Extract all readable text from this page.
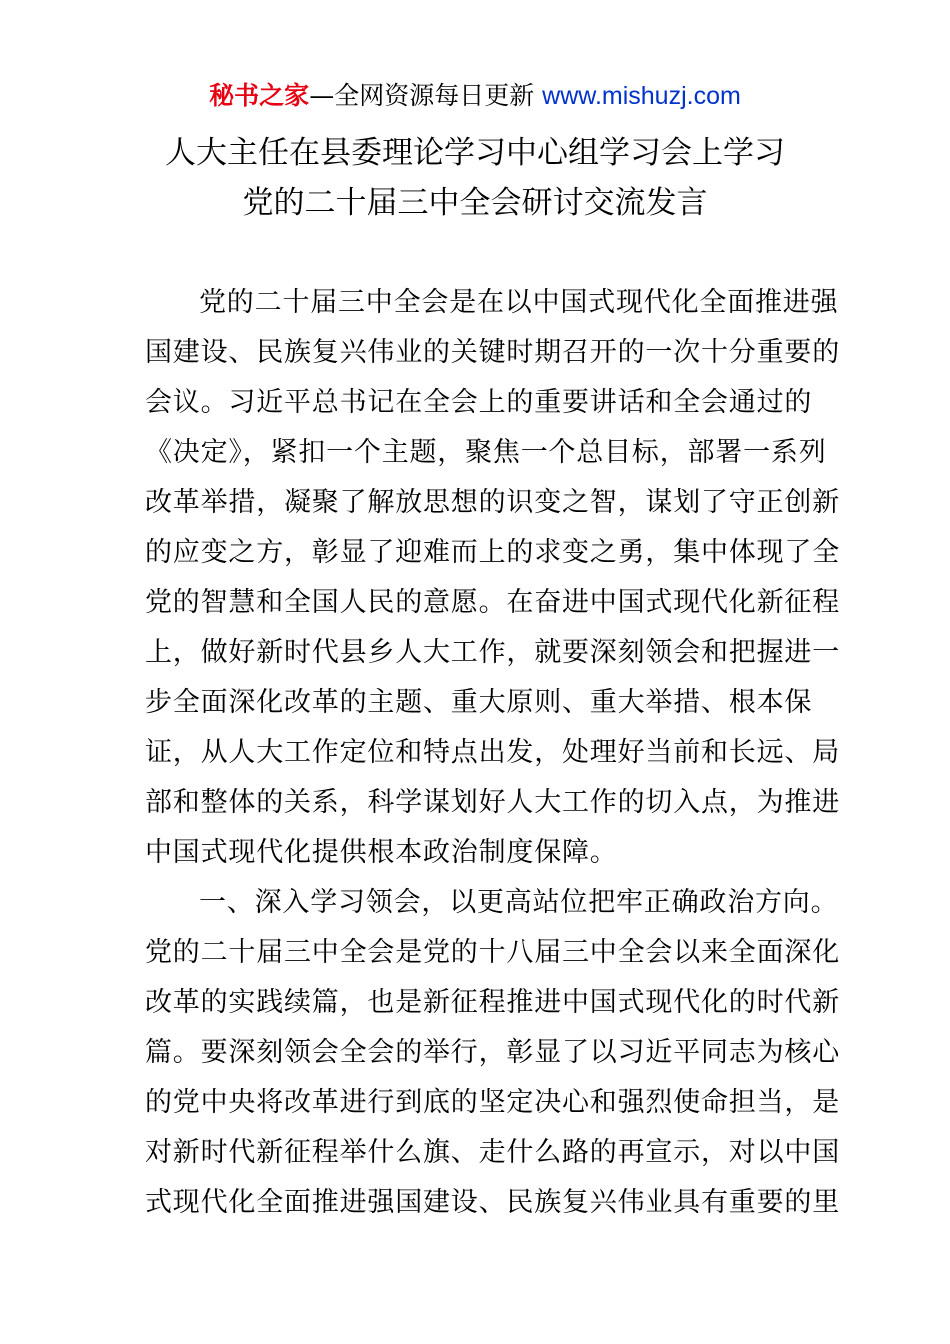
秘书之家—全网资源每日更新 www.mishuzj.com
人大主任在县委理论学习中心组学习会上学习
党的二十届三中全会研讨交流发言
党的二十届三中全会是在以中国式现代化全面推进强
国建设、民族复兴伟业的关键时期召开的一次十分重要的
会议。习近平总书记在全会上的重要讲话和全会通过的
《决定》，紧扣一个主题，聚焦一个总目标，部署一系列
改革举措，凝聚了解放思想的识变之智，谋划了守正创新
的应变之方，彰显了迎难而上的求变之勇，集中体现了全
党的智慧和全国人民的意愿。在奋进中国式现代化新征程
上，做好新时代县乡人大工作，就要深刻领会和把握进一
步全面深化改革的主题、重大原则、重大举措、根本保
证，从人大工作定位和特点出发，处理好当前和长远、局
部和整体的关系，科学谋划好人大工作的切入点，为推进
中国式现代化提供根本政治制度保障。
一、深入学习领会，以更高站位把牢正确政治方向。
党的二十届三中全会是党的十八届三中全会以来全面深化
改革的实践续篇，也是新征程推进中国式现代化的时代新
篇。要深刻领会全会的举行，彰显了以习近平同志为核心
的党中央将改革进行到底的坚定决心和强烈使命担当，是
对新时代新征程举什么旗、走什么路的再宣示，对以中国
式现代化全面推进强国建设、民族复兴伟业具有重要的里
